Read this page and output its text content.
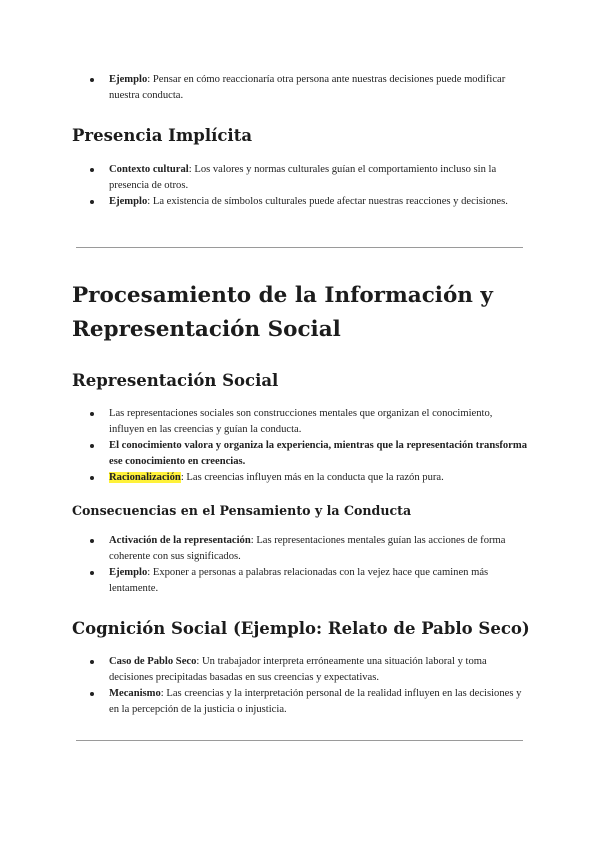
Ejemplo: Pensar en cómo reaccionaría otra persona ante nuestras decisiones puede modificar nuestra conducta.
Presencia Implícita
Contexto cultural: Los valores y normas culturales guían el comportamiento incluso sin la presencia de otros.
Ejemplo: La existencia de símbolos culturales puede afectar nuestras reacciones y decisiones.
Procesamiento de la Información y
Representación Social
Representación Social
Las representaciones sociales son construcciones mentales que organizan el conocimiento, influyen en las creencias y guían la conducta.
El conocimiento valora y organiza la experiencia, mientras que la representación transforma ese conocimiento en creencias.
Racionalización: Las creencias influyen más en la conducta que la razón pura.
Consecuencias en el Pensamiento y la Conducta
Activación de la representación: Las representaciones mentales guían las acciones de forma coherente con sus significados.
Ejemplo: Exponer a personas a palabras relacionadas con la vejez hace que caminen más lentamente.
Cognición Social (Ejemplo: Relato de Pablo Seco)
Caso de Pablo Seco: Un trabajador interpreta erróneamente una situación laboral y toma decisiones precipitadas basadas en sus creencias y expectativas.
Mecanismo: Las creencias y la interpretación personal de la realidad influyen en las decisiones y en la percepción de la justicia o injusticia.
